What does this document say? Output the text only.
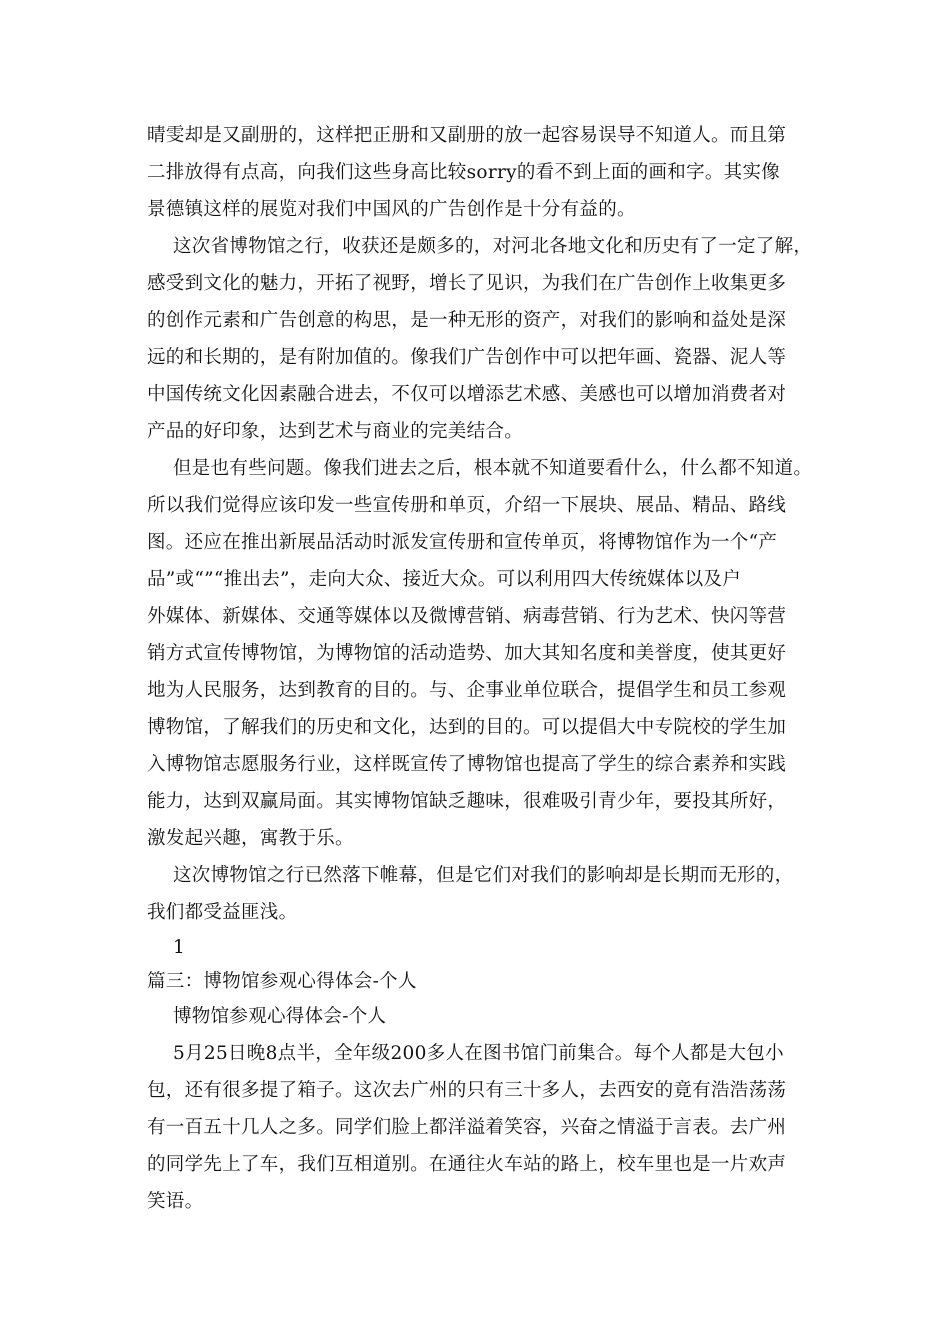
晴雯却是又副册的，这样把正册和又副册的放一起容易误导不知道人。而且第
二排放得有点高，向我们这些身高比较sorry的看不到上面的画和字。其实像
景德镇这样的展览对我们中国风的广告创作是十分有益的。
这次省博物馆之行，收获还是颇多的，对河北各地文化和历史有了一定了解，
感受到文化的魅力，开拓了视野，增长了见识，为我们在广告创作上收集更多
的创作元素和广告创意的构思，是一种无形的资产，对我们的影响和益处是深
远的和长期的，是有附加值的。像我们广告创作中可以把年画、瓷器、泥人等
中国传统文化因素融合进去，不仅可以增添艺术感、美感也可以增加消费者对
产品的好印象，达到艺术与商业的完美结合。
但是也有些问题。像我们进去之后，根本就不知道要看什么，什么都不知道。
所以我们觉得应该印发一些宣传册和单页，介绍一下展块、展品、精品、路线
图。还应在推出新展品活动时派发宣传册和宣传单页，将博物馆作为一个“产
品”或“”“推出去”，走向大众、接近大众。可以利用四大传统媒体以及户
外媒体、新媒体、交通等媒体以及微博营销、病毒营销、行为艺术、快闪等营
销方式宣传博物馆，为博物馆的活动造势、加大其知名度和美誉度，使其更好
地为人民服务，达到教育的目的。与、企事业单位联合，提倡学生和员工参观
博物馆，了解我们的历史和文化，达到的目的。可以提倡大中专院校的学生加
入博物馆志愿服务行业，这样既宣传了博物馆也提高了学生的综合素养和实践
能力，达到双赢局面。其实博物馆缺乏趣味，很难吸引青少年，要投其所好，
激发起兴趣，寓教于乐。
这次博物馆之行已然落下帷幕，但是它们对我们的影响却是长期而无形的，
我们都受益匪浅。
1
篇三：博物馆参观心得体会-个人
博物馆参观心得体会-个人
5月25日晚8点半，全年级200多人在图书馆门前集合。每个人都是大包小
包，还有很多提了箱子。这次去广州的只有三十多人，去西安的竟有浩浩荡荡
有一百五十几人之多。同学们脸上都洋溢着笑容，兴奋之情溢于言表。去广州
的同学先上了车，我们互相道别。在通往火车站的路上，校车里也是一片欢声
笑语。
